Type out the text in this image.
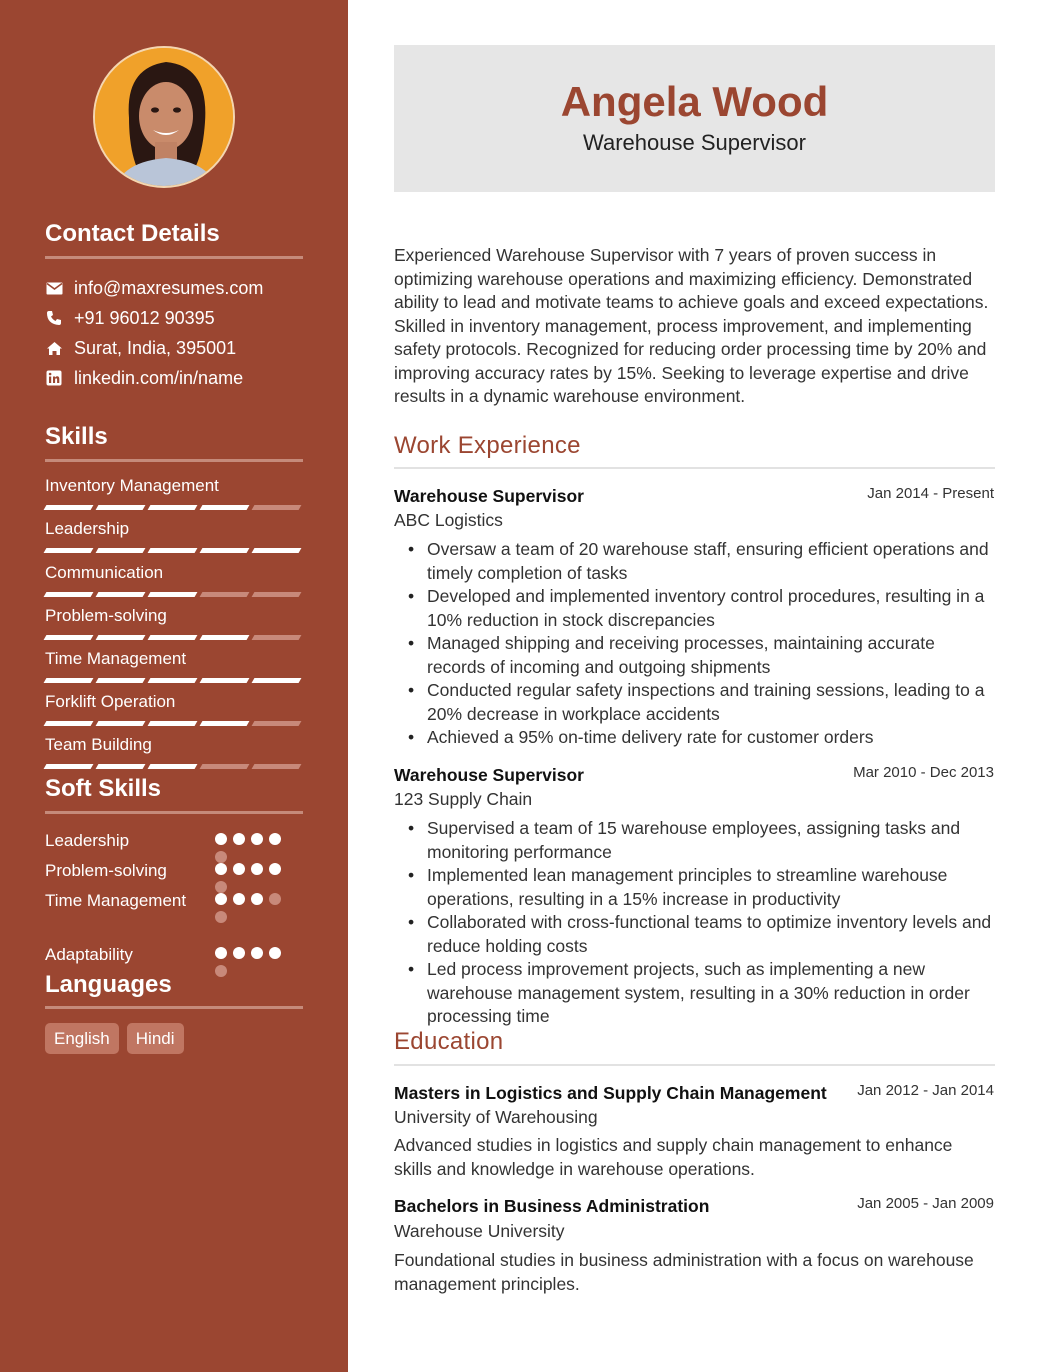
Contact Details
info@maxresumes.com
+91 96012 90395
Surat, India, 395001
linkedin.com/in/name
Skills
Inventory Management
Leadership
Communication
Problem-solving
Time Management
Forklift Operation
Team Building
Soft Skills
Leadership
Problem-solving
Time Management
Adaptability
Languages
English	Hindi
Angela Wood
Warehouse Supervisor

Experienced Warehouse Supervisor with 7 years of proven success in optimizing warehouse operations and maximizing efficiency. Demonstrated ability to lead and motivate teams to achieve goals and exceed expectations. Skilled in inventory management, process improvement, and implementing safety protocols. Recognized for reducing order processing time by 20% and improving accuracy rates by 15%. Seeking to leverage expertise and drive results in a dynamic warehouse environment.

Work Experience
Warehouse Supervisor	Jan 2014 - Present
ABC Logistics
• Oversaw a team of 20 warehouse staff, ensuring efficient operations and timely completion of tasks
• Developed and implemented inventory control procedures, resulting in a 10% reduction in stock discrepancies
• Managed shipping and receiving processes, maintaining accurate records of incoming and outgoing shipments
• Conducted regular safety inspections and training sessions, leading to a 20% decrease in workplace accidents
• Achieved a 95% on-time delivery rate for customer orders
Warehouse Supervisor	Mar 2010 - Dec 2013
123 Supply Chain
• Supervised a team of 15 warehouse employees, assigning tasks and monitoring performance
• Implemented lean management principles to streamline warehouse operations, resulting in a 15% increase in productivity
• Collaborated with cross-functional teams to optimize inventory levels and reduce holding costs
• Led process improvement projects, such as implementing a new warehouse management system, resulting in a 30% reduction in order processing time
Education
Masters in Logistics and Supply Chain Management Jan 2012 - Jan 2014
University of Warehousing

Advanced studies in logistics and supply chain management to enhance skills and knowledge in warehouse operations.

Bachelors in Business Administration	Jan 2005 - Jan 2009
Warehouse University

Foundational studies in business administration with a focus on warehouse management principles.
